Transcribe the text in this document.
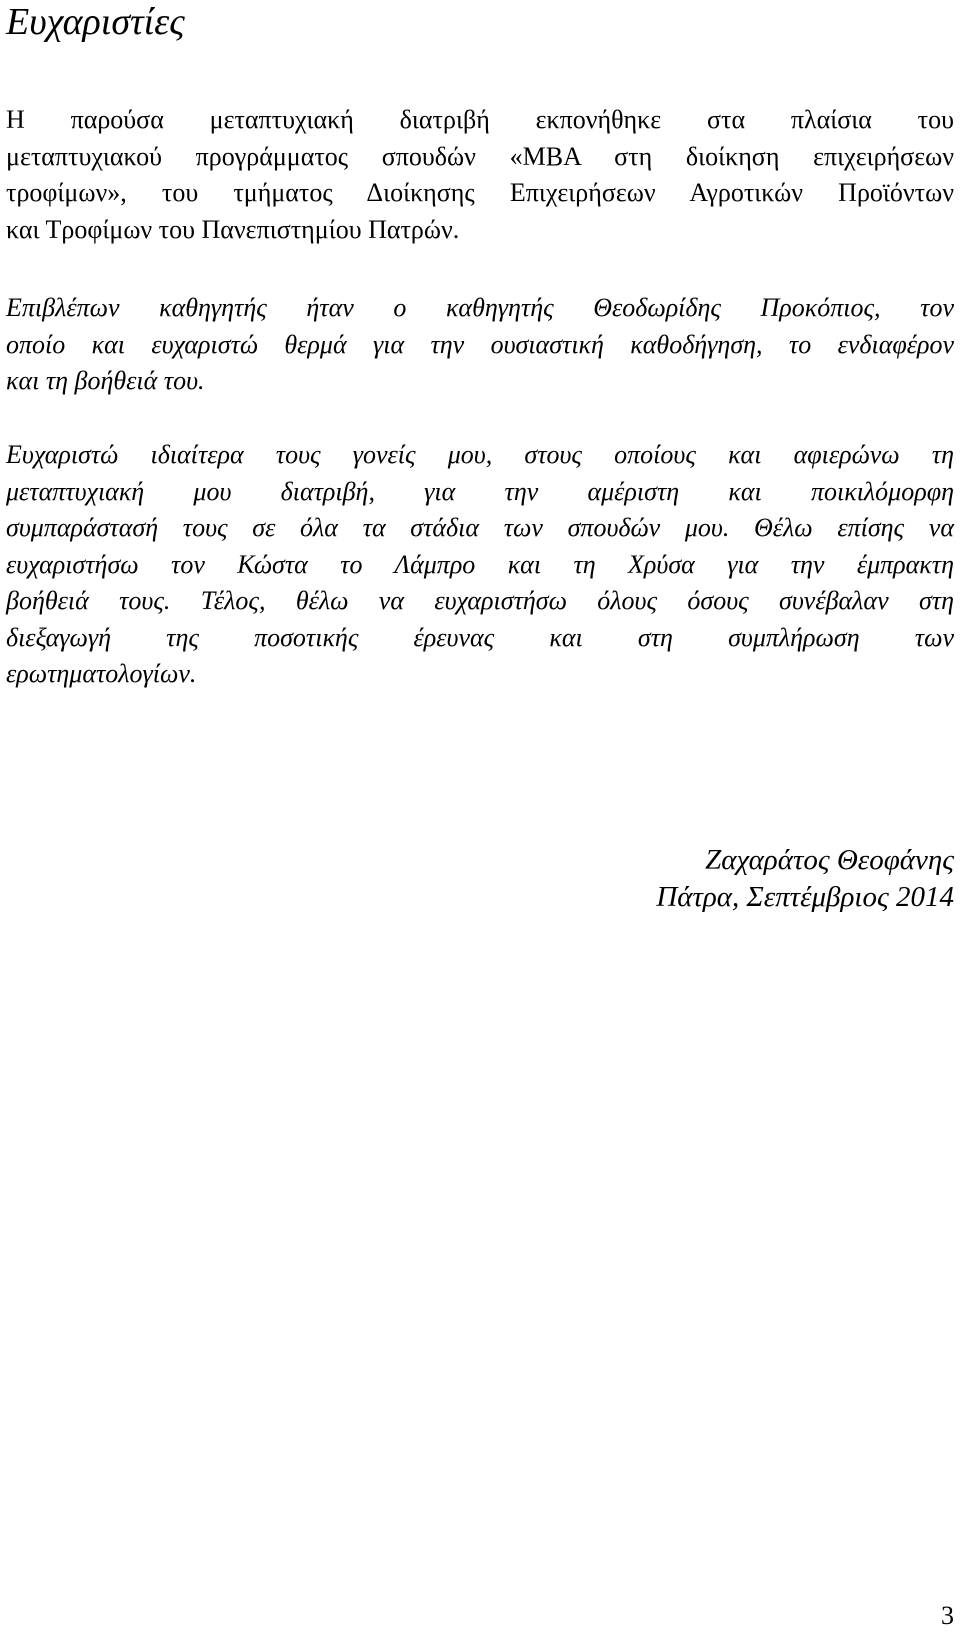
Ευχαριστίες

Η παρούσα μεταπτυχιακή διατριβή εκπονήθηκε στα πλαίσια του
μεταπτυχιακού προγράμματος σπουδών «ΜΒΑ στη διοίκηση επιχειρήσεων
τροφίμων», του τμήματος Διοίκησης Επιχειρήσεων Αγροτικών Προϊόντων
και Τροφίμων του Πανεπιστημίου Πατρών.

Επιβλέπων καθηγητής ήταν ο καθηγητής Θεοδωρίδης Προκόπιος, τον
οποίο και ευχαριστώ θερμά για την ουσιαστική καθοδήγηση, το ενδιαφέρον
και τη βοήθειά του.

Ευχαριστώ ιδιαίτερα τους γονείς μου, στους οποίους και αφιερώνω τη
μεταπτυχιακή μου διατριβή, για την αμέριστη και ποικιλόμορφη
συμπαράστασή τους σε όλα τα στάδια των σπουδών μου. Θέλω επίσης να
ευχαριστήσω τον Κώστα το Λάμπρο και τη Χρύσα για την έμπρακτη
βοήθειά τους. Τέλος, θέλω να ευχαριστήσω όλους όσους συνέβαλαν στη
διεξαγωγή της ποσοτικής έρευνας και στη συμπλήρωση των
ερωτηματολογίων.

Ζαχαράτος Θεοφάνης
Πάτρα, Σεπτέμβριος 2014
3
